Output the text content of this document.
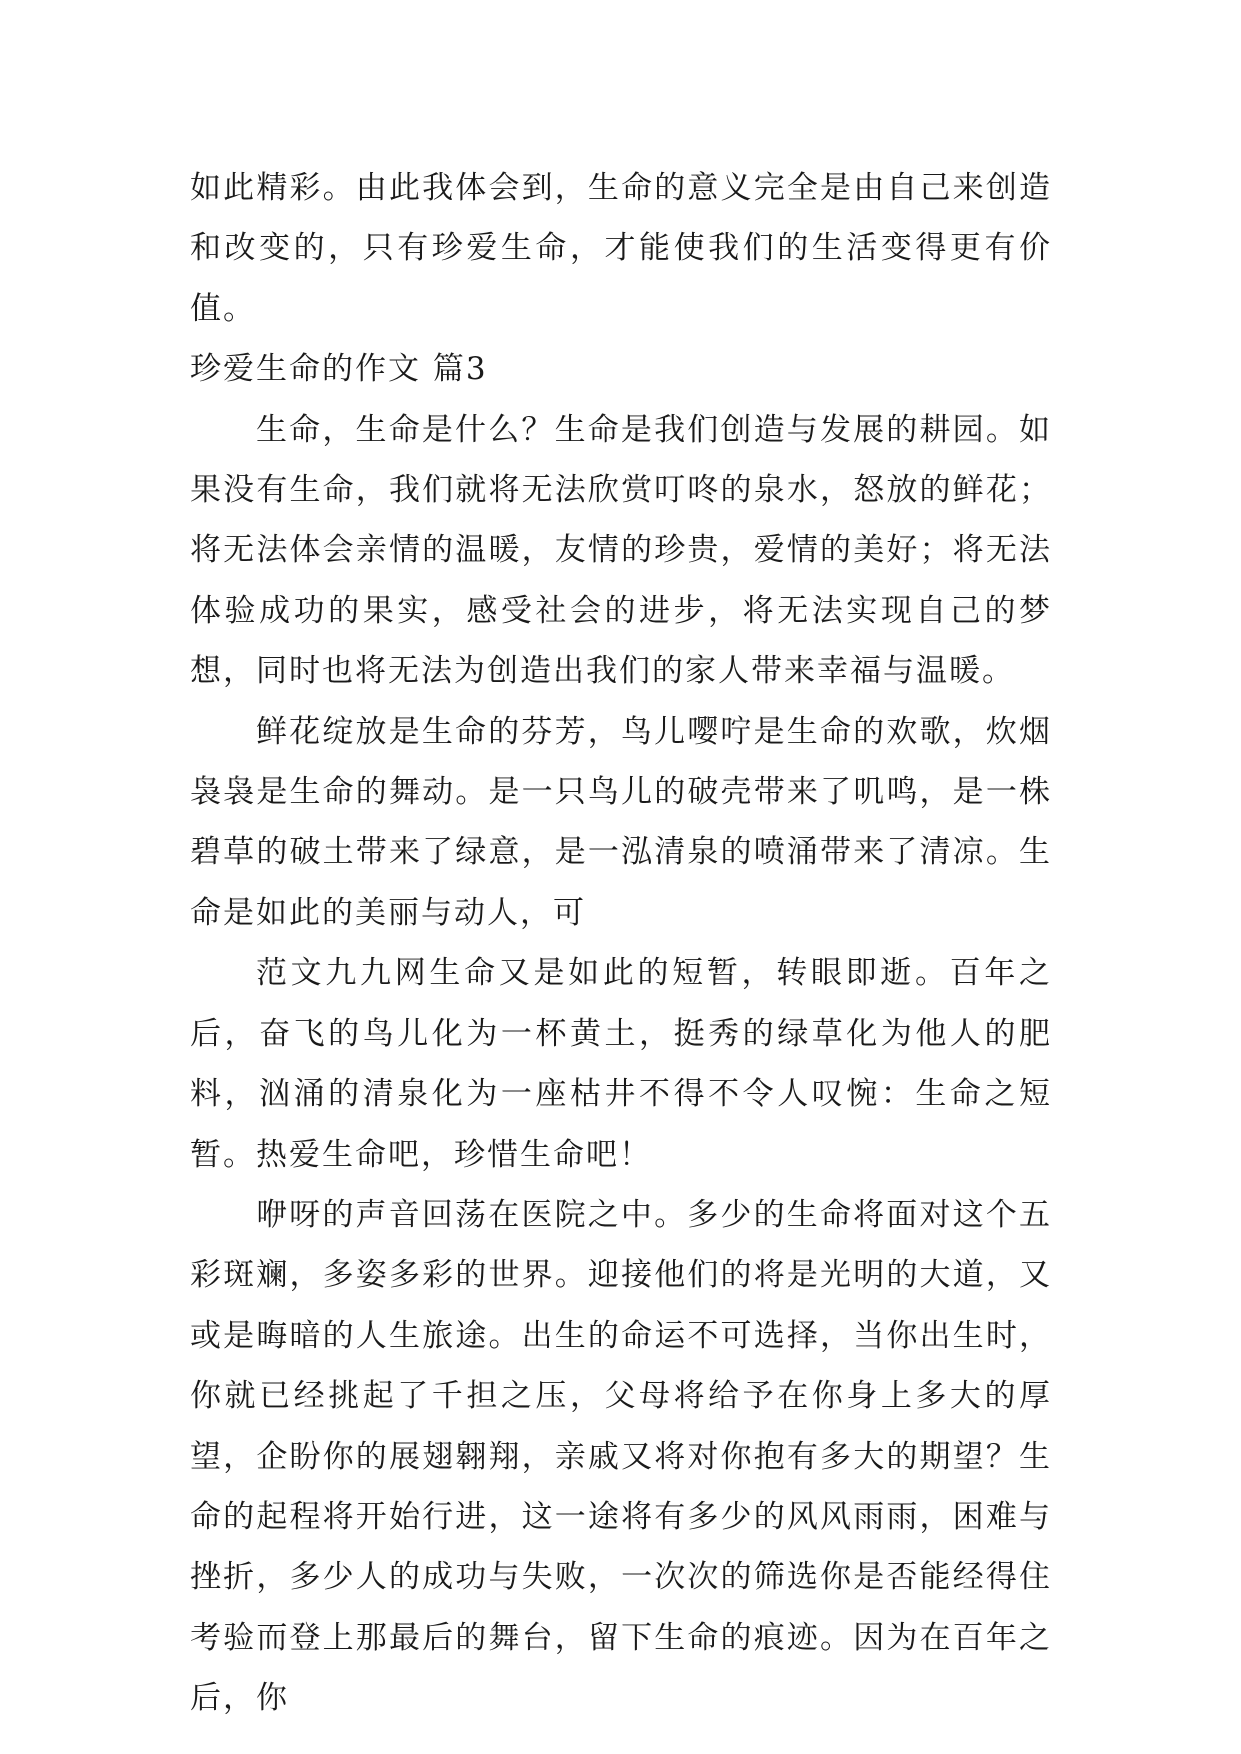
如此精彩。由此我体会到，生命的意义完全是由自己来创造和改变的，只有珍爱生命，才能使我们的生活变得更有价值。

珍爱生命的作文 篇3

生命，生命是什么？生命是我们创造与发展的耕园。如果没有生命，我们就将无法欣赏叮咚的泉水，怒放的鲜花；将无法体会亲情的温暖，友情的珍贵，爱情的美好；将无法体验成功的果实，感受社会的进步，将无法实现自己的梦想，同时也将无法为创造出我们的家人带来幸福与温暖。

鲜花绽放是生命的芬芳，鸟儿嘤咛是生命的欢歌，炊烟袅袅是生命的舞动。是一只鸟儿的破壳带来了叽鸣，是一株碧草的破土带来了绿意，是一泓清泉的喷涌带来了清凉。生命是如此的美丽与动人，可

范文九九网生命又是如此的短暂，转眼即逝。百年之后，奋飞的鸟儿化为一杯黄土，挺秀的绿草化为他人的肥料，汹涌的清泉化为一座枯井不得不令人叹惋：生命之短暂。热爱生命吧，珍惜生命吧！

咿呀的声音回荡在医院之中。多少的生命将面对这个五彩斑斓，多姿多彩的世界。迎接他们的将是光明的大道，又或是晦暗的人生旅途。出生的命运不可选择，当你出生时，你就已经挑起了千担之压，父母将给予在你身上多大的厚望，企盼你的展翅翱翔，亲戚又将对你抱有多大的期望？生命的起程将开始行进，这一途将有多少的风风雨雨，困难与挫折，多少人的成功与失败，一次次的筛选你是否能经得住考验而登上那最后的舞台，留下生命的痕迹。因为在百年之后，你
